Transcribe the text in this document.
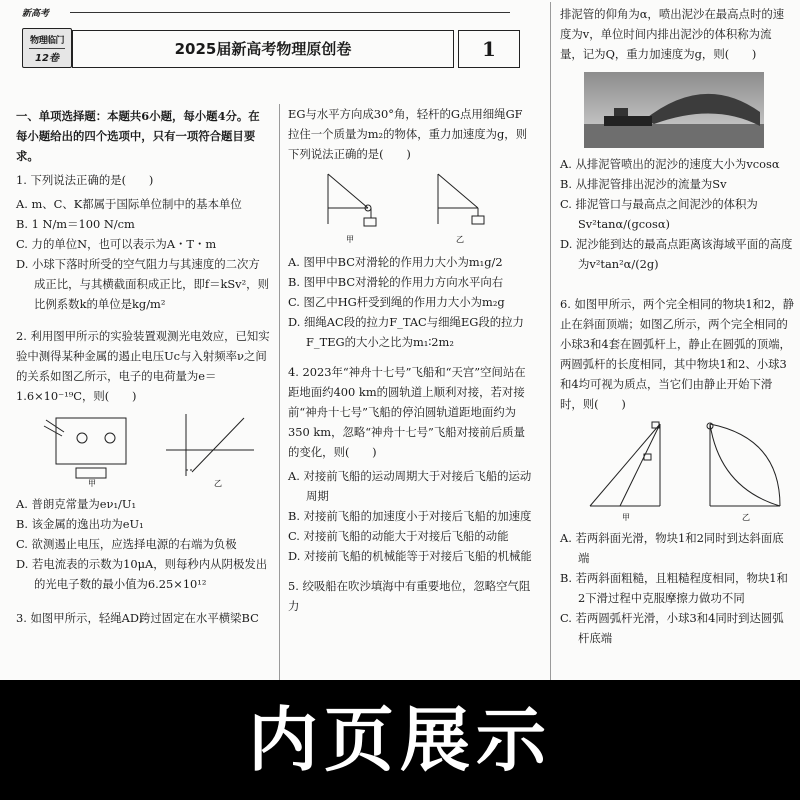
新高考
物理临门
12卷
2025届新高考物理原创卷	1

一、单项选择题：本题共6小题，每小题4分。在每小题给出的四个选项中，只有一项符合题目要求。

1. 下列说法正确的是(　　)

A. m、C、K都属于国际单位制中的基本单位

B. 1 N/m＝100 N/cm

C. 力的单位N，也可以表示为A・T・m

D. 小球下落时所受的空气阻力与其速度的二次方成正比，与其横截面积成正比，即f＝kSv²，则比例系数k的单位是kg/m²

2. 利用图甲所示的实验装置观测光电效应，已知实验中测得某种金属的遏止电压Uc与入射频率ν之间的关系如图乙所示，电子的电荷量为e＝1.6×10⁻¹⁹C，则(　　)

甲	乙

A. 普朗克常量为eν₁/U₁

B. 该金属的逸出功为eU₁

C. 欲测遏止电压，应选择电源的右端为负极

D. 若电流表的示数为10μA，则每秒内从阴极发出的光电子数的最小值为6.25×10¹²

3. 如图甲所示，轻绳AD跨过固定在水平横梁BC

EG与水平方向成30°角，轻杆的G点用细绳GF拉住一个质量为m₂的物体，重力加速度为g，则下列说法正确的是(　　)

甲	乙

A. 图甲中BC对滑轮的作用力大小为m₁g/2

B. 图甲中BC对滑轮的作用力方向水平向右

C. 图乙中HG杆受到绳的作用力大小为m₂g

D. 细绳AC段的拉力F_TAC与细绳EG段的拉力F_TEG的大小之比为m₁∶2m₂

4. 2023年“神舟十七号”飞船和“天宫”空间站在距地面约400 km的圆轨道上顺利对接，若对接前“神舟十七号”飞船的停泊圆轨道距地面约为350 km，忽略“神舟十七号”飞船对接前后质量的变化，则(　　)

A. 对接前飞船的运动周期大于对接后飞船的运动周期

B. 对接前飞船的加速度小于对接后飞船的加速度

C. 对接前飞船的动能大于对接后飞船的动能

D. 对接前飞船的机械能等于对接后飞船的机械能

5. 绞吸船在吹沙填海中有重要地位，忽略空气阻力

排泥管的仰角为α，喷出泥沙在最高点时的速度为v，单位时间内排出泥沙的体积称为流量，记为Q，重力加速度为g，则(　　)

A. 从排泥管喷出的泥沙的速度大小为vcosα

B. 从排泥管排出泥沙的流量为Sv

C. 排泥管口与最高点之间泥沙的体积为Sv²tanα/(gcosα)

D. 泥沙能到达的最高点距离该海域平面的高度为v²tan²α/(2g)

6. 如图甲所示，两个完全相同的物块1和2，静止在斜面顶端；如图乙所示，两个完全相同的小球3和4套在圆弧杆上，静止在圆弧的顶端，两圆弧杆的长度相同，其中物块1和2、小球3和4均可视为质点，当它们由静止开始下滑时，则(　　)

甲	乙

A. 若两斜面光滑，物块1和2同时到达斜面底端

B. 若两斜面粗糙，且粗糙程度相同，物块1和2下滑过程中克服摩擦力做功不同

C. 若两圆弧杆光滑，小球3和4同时到达圆弧杆底端

内页展示
